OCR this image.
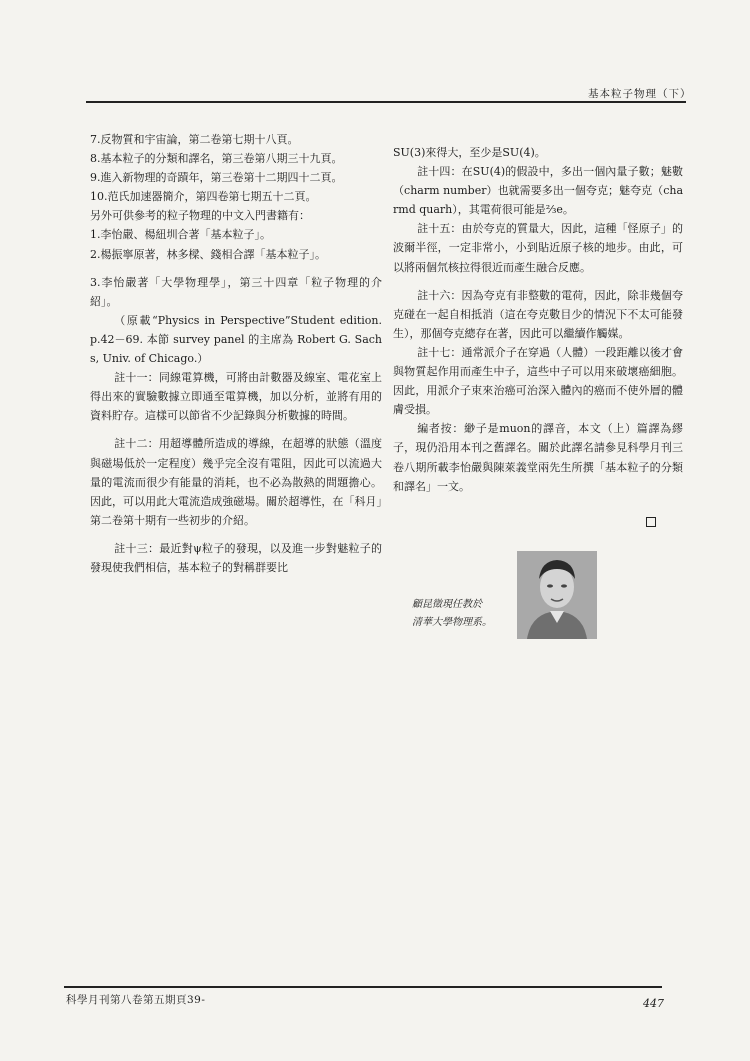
基本粒子物理（下）

7.反物質和宇宙論，第二卷第七期十八頁。

8.基本粒子的分類和譯名，第三卷第八期三十九頁。

9.進入新物理的奇蹟年，第三卷第十二期四十二頁。

10.范氏加速器簡介，第四卷第七期五十二頁。

另外可供參考的粒子物理的中文入門書籍有：

1.李怡嚴、楊紐圳合著「基本粒子」。

2.楊振寧原著，林多樑、錢相合譯「基本粒子」。

3.李怡嚴著「大學物理學」，第三十四章「粒子物理的介紹」。

（原載“Physics in Perspective”Student edition. p.42－69. 本節 survey panel 的主席為 Robert G. Sachs, Univ. of Chicago.）

註十一：同線電算機，可將由計數器及線室、電花室上得出來的實驗數據立即通至電算機，加以分析，並將有用的資料貯存。這樣可以節省不少記錄與分析數據的時間。

註十二：用超導體所造成的導線，在超導的狀態（溫度與磁場低於一定程度）幾乎完全沒有電阻，因此可以流過大量的電流而很少有能量的消耗，也不必為散熱的問題擔心。因此，可以用此大電流造成強磁場。關於超導性，在「科月」第二卷第十期有一些初步的介紹。

註十三：最近對ψ粒子的發現，以及進一步對魅粒子的發現使我們相信，基本粒子的對稱群要比

SU(3)來得大，至少是SU(4)。

註十四：在SU(4)的假設中，多出一個內量子數；魅數（charm number）也就需要多出一個夸克；魅夸克（charmd quarh），其電荷很可能是⅔e。

註十五：由於夸克的質量大，因此，這種「怪原子」的波爾半徑，一定非常小，小到貼近原子核的地步。由此，可以將兩個氘核拉得很近而產生融合反應。

註十六：因為夸克有非整數的電荷，因此，除非幾個夸克碰在一起自相抵消（這在夸克數目少的情況下不太可能發生），那個夸克總存在著，因此可以繼續作觸媒。

註十七：通常派介子在穿過（人體）一段距離以後才會與物質起作用而產生中子，這些中子可以用來破壞癌細胞。因此，用派介子束來治癌可治深入體內的癌而不使外層的體膚受損。

編者按：緲子是muon的譯音，本文（上）篇譯為繆子，現仍沿用本刊之舊譯名。關於此譯名請參見科學月刊三卷八期所載李怡嚴與陳萊義堂兩先生所撰「基本粒子的分類和譯名」一文。

顧昆徵現任教於
清華大學物理系。
科學月刊第八卷第五期頁39-	447
